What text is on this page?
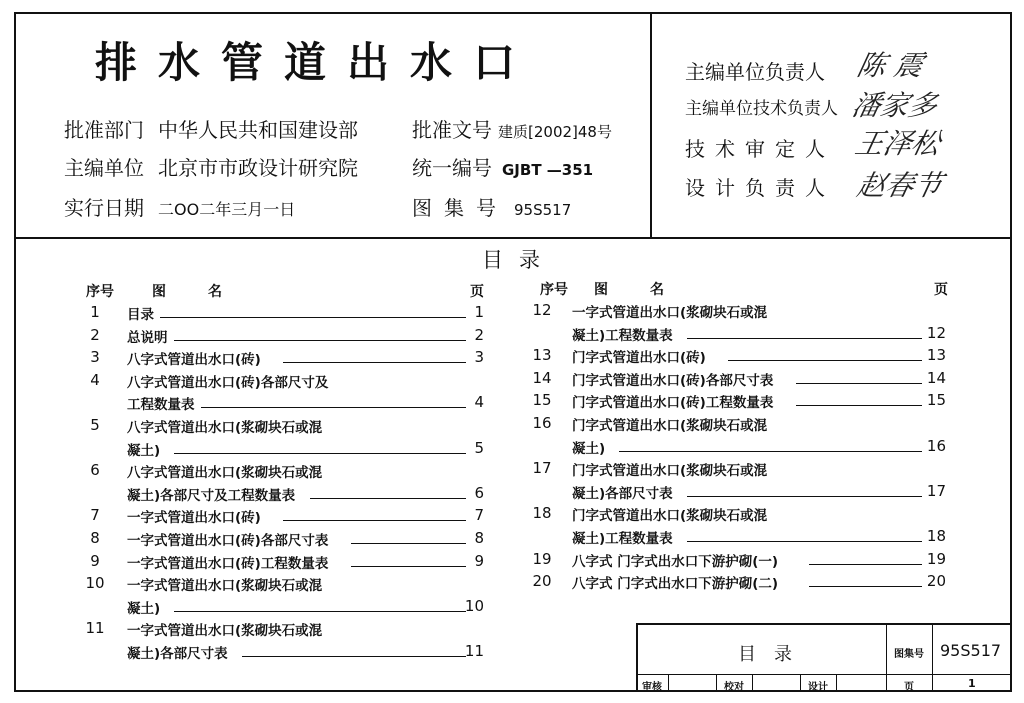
排水管道出水口
批准部门 中华人民共和国建设部
主编单位 北京市市政设计研究院
实行日期 二OO二年三月一日
批准文号 建质[2002]48号
统一编号 GJBT —351
图集号 95S517
主编单位负责人 陈 震
主编单位技术负责人 潘家多
技术审定人 王泽松
设计负责人 赵春节
目录
序号	图名	页	序号 图名	页
1	目录	1
2	总说明	2
3	八字式管道出水口(砖)	3
4	八字式管道出水口(砖)各部尺寸及
工程数量表	4
5	八字式管道出水口(浆砌块石或混
凝土)	5
6	八字式管道出水口(浆砌块石或混
凝土)各部尺寸及工程数量表	6
7	一字式管道出水口(砖)	7
8	一字式管道出水口(砖)各部尺寸表	8
9	一字式管道出水口(砖)工程数量表	9
10	一字式管道出水口(浆砌块石或混
凝土)	10
11	一字式管道出水口(浆砌块石或混
凝土)各部尺寸表	11
12	一字式管道出水口(浆砌块石或混
凝土)工程数量表	12
13	门字式管道出水口(砖)	13
14	门字式管道出水口(砖)各部尺寸表	14
15	门字式管道出水口(砖)工程数量表	15
16	门字式管道出水口(浆砌块石或混
凝土)	16
17	门字式管道出水口(浆砌块石或混
凝土)各部尺寸表	17
18	门字式管道出水口(浆砌块石或混
凝土)工程数量表	18
19	八字式 门字式出水口下游护砌(一)	19
20	八字式 门字式出水口下游护砌(二)	20
目录	图集号 95S517
审核	校对	设计	页	1
